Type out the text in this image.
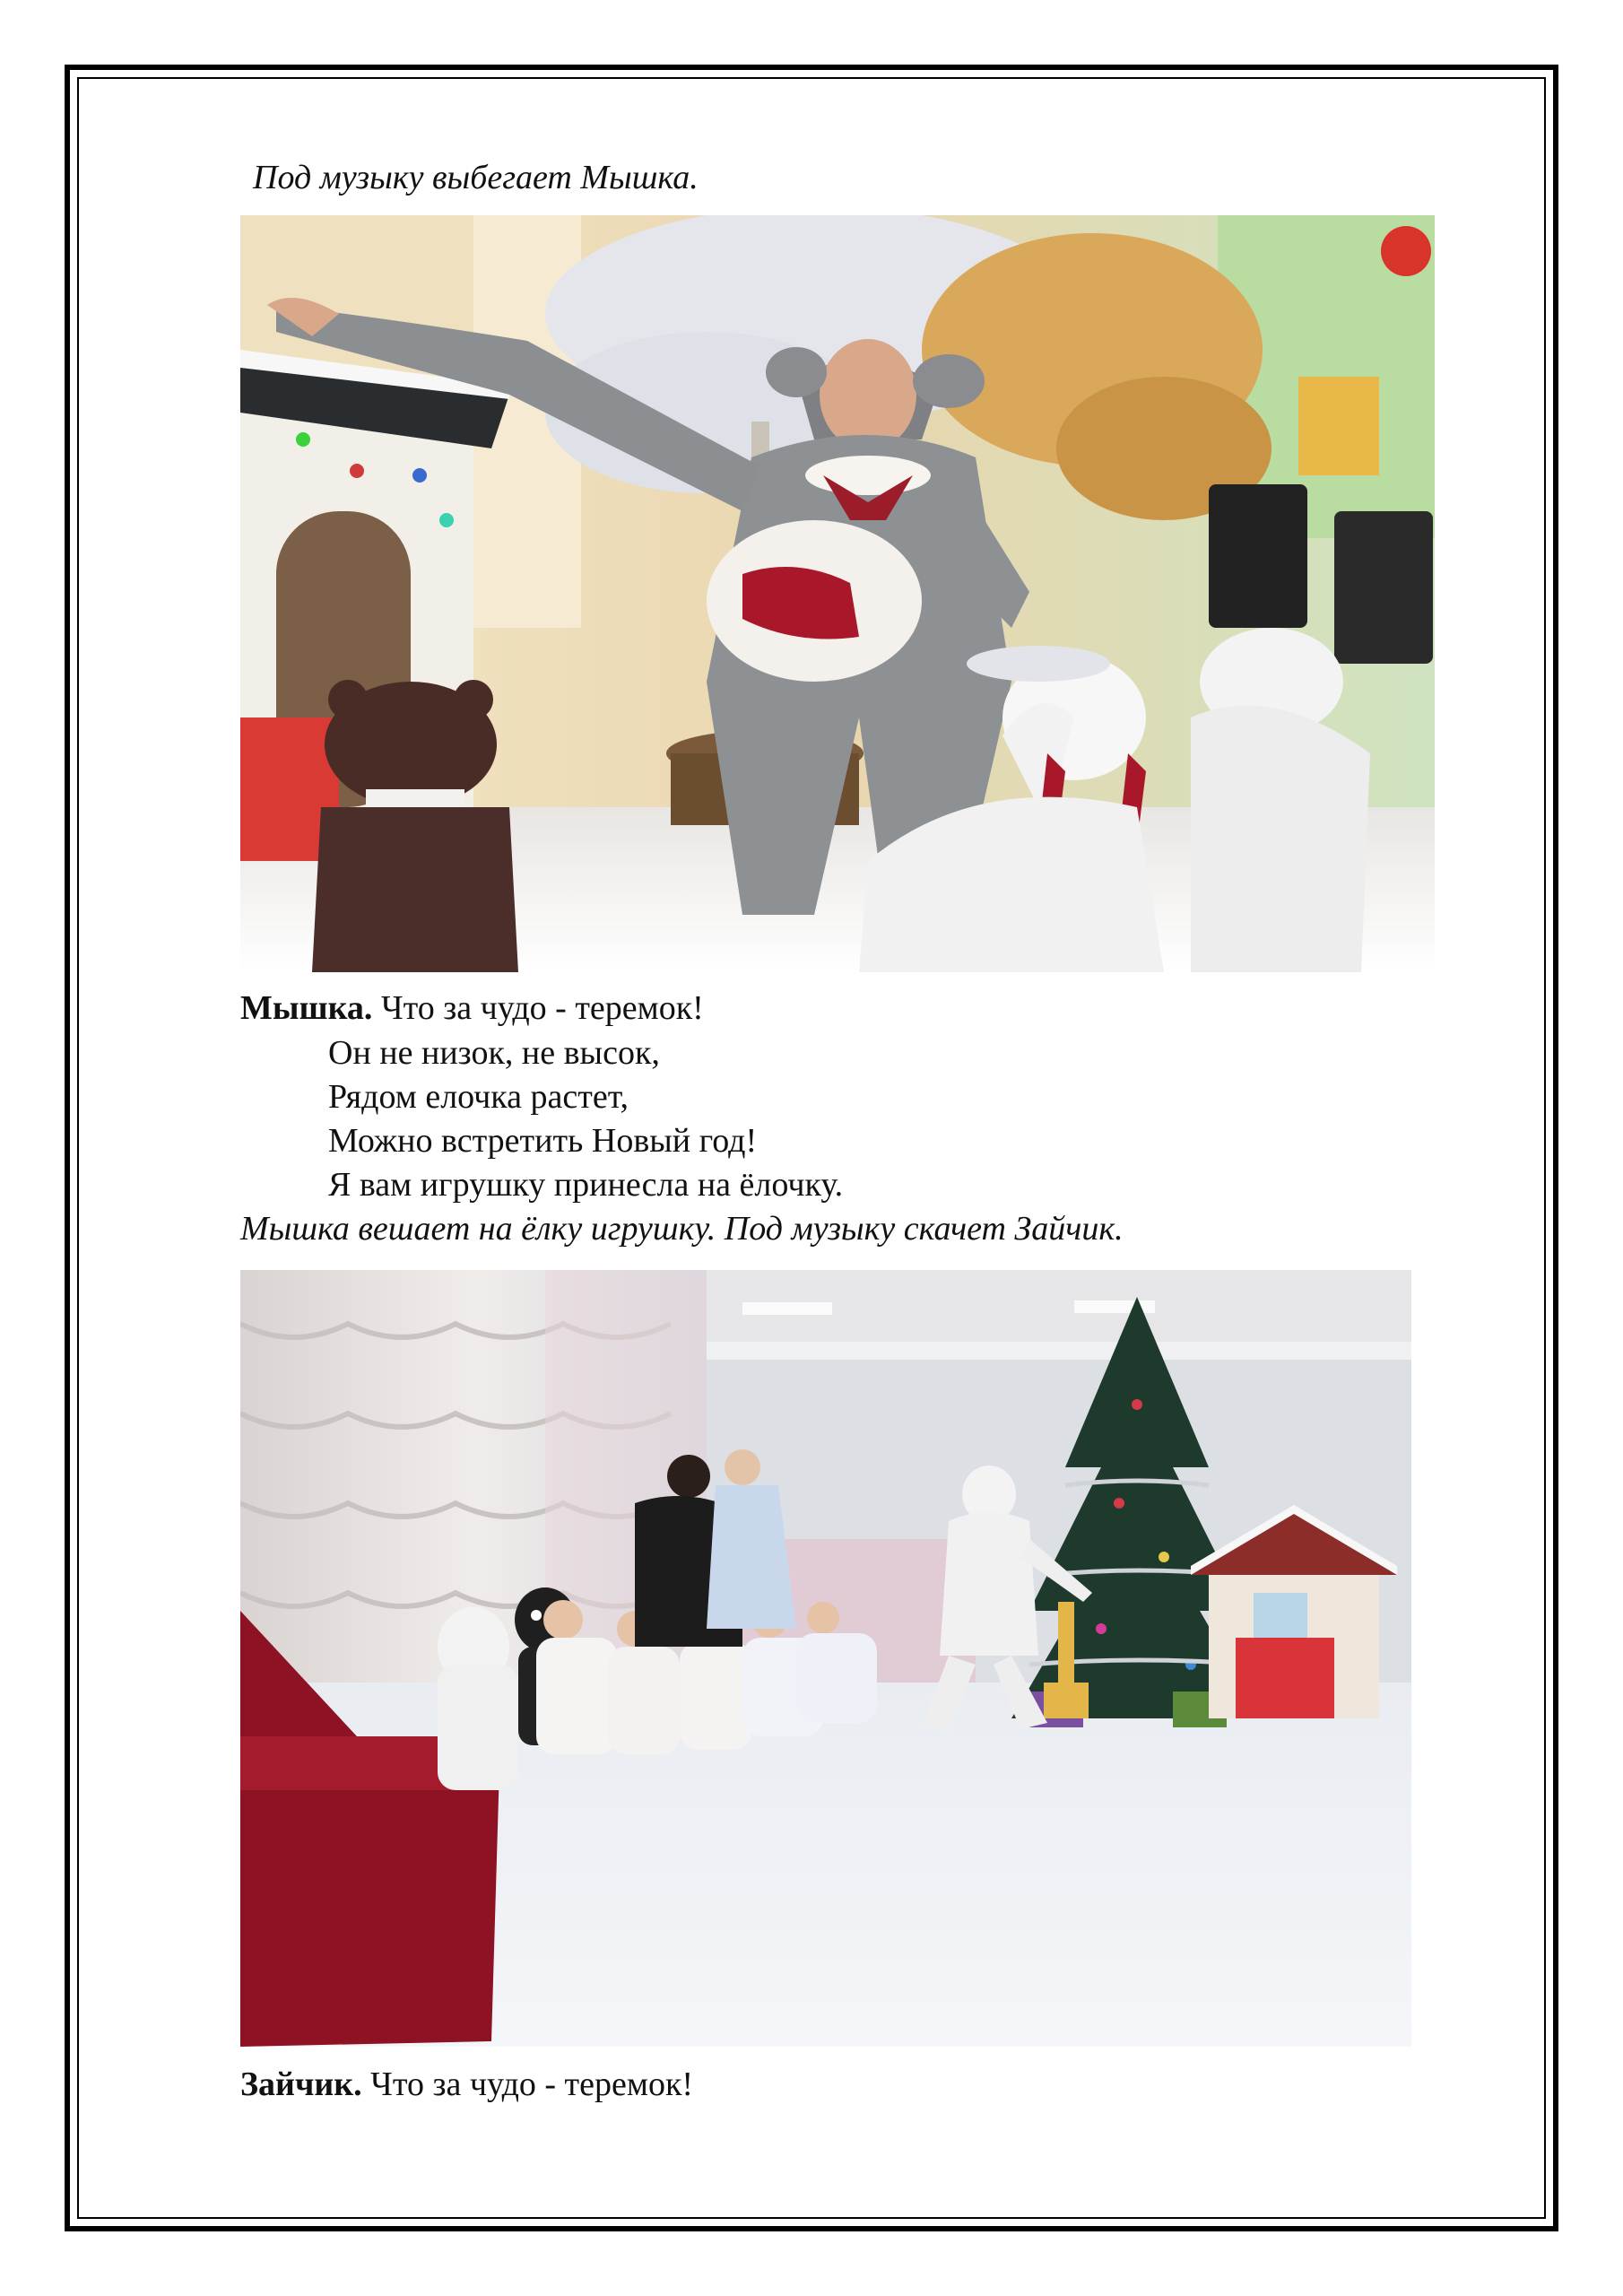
Под музыку выбегает Мышка.
Мышка. Что за чудо - теремок!
Он не низок, не высок,
Рядом елочка растет,
Можно встретить Новый год!
Я вам игрушку принесла на ёлочку.
Мышка вешает на ёлку игрушку. Под музыку скачет Зайчик.
Зайчик. Что за чудо - теремок!
